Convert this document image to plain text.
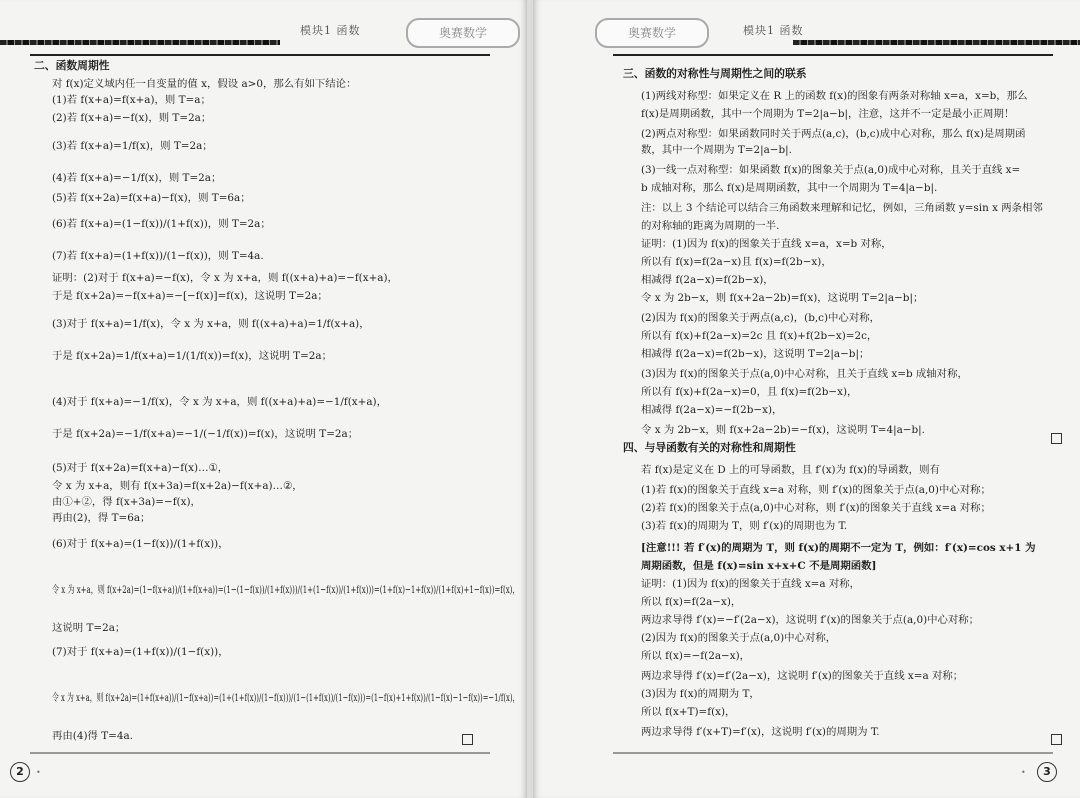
模块1 函数	奥赛数学
二、函数周期性
对 f(x)定义域内任一自变量的值 x，假设 a>0，那么有如下结论：
(1)若 f(x+a)=f(x+a)，则 T=a；
(2)若 f(x+a)=−f(x)，则 T=2a；
(3)若 f(x+a)=1/f(x)，则 T=2a；
(4)若 f(x+a)=−1/f(x)，则 T=2a；
(5)若 f(x+2a)=f(x+a)−f(x)，则 T=6a；
(6)若 f(x+a)=(1−f(x))/(1+f(x))，则 T=2a；
(7)若 f(x+a)=(1+f(x))/(1−f(x))，则 T=4a.
证明：(2)对于 f(x+a)=−f(x)，令 x 为 x+a，则 f((x+a)+a)=−f(x+a)，
于是 f(x+2a)=−f(x+a)=−[−f(x)]=f(x)，这说明 T=2a；
(3)对于 f(x+a)=1/f(x)，令 x 为 x+a，则 f((x+a)+a)=1/f(x+a)，
于是 f(x+2a)=1/f(x+a)=1/(1/f(x))=f(x)，这说明 T=2a；
(4)对于 f(x+a)=−1/f(x)，令 x 为 x+a，则 f((x+a)+a)=−1/f(x+a)，
于是 f(x+2a)=−1/f(x+a)=−1/(−1/f(x))=f(x)，这说明 T=2a；
(5)对于 f(x+2a)=f(x+a)−f(x)…①，
令 x 为 x+a，则有 f(x+3a)=f(x+2a)−f(x+a)…②，
由①+②，得 f(x+3a)=−f(x)，
再由(2)，得 T=6a；
(6)对于 f(x+a)=(1−f(x))/(1+f(x))，
令 x 为 x+a，则 f(x+2a)=(1−f(x+a))/(1+f(x+a))=(1−(1−f(x))/(1+f(x)))/(1+(1−f(x))/(1+f(x)))=(1+f(x)−1+f(x))/(1+f(x)+1−f(x))=f(x)，
这说明 T=2a；
(7)对于 f(x+a)=(1+f(x))/(1−f(x))，
令 x 为 x+a，则 f(x+2a)=(1+f(x+a))/(1−f(x+a))=(1+(1+f(x))/(1−f(x)))/(1−(1+f(x))/(1−f(x)))=(1−f(x)+1+f(x))/(1−f(x)−1−f(x))=−1/f(x)，
再由(4)得 T=4a.
2	•
奥赛数学	模块1 函数
三、函数的对称性与周期性之间的联系
(1)两线对称型：如果定义在 R 上的函数 f(x)的图象有两条对称轴 x=a，x=b，那么
f(x)是周期函数，其中一个周期为 T=2|a−b|，注意，这并不一定是最小正周期！
(2)两点对称型：如果函数同时关于两点(a,c)，(b,c)成中心对称，那么 f(x)是周期函
数，其中一个周期为 T=2|a−b|.
(3)一线一点对称型：如果函数 f(x)的图象关于点(a,0)成中心对称，且关于直线 x=
b 成轴对称，那么 f(x)是周期函数，其中一个周期为 T=4|a−b|.
注：以上 3 个结论可以结合三角函数来理解和记忆，例如，三角函数 y=sin x 两条相邻
的对称轴的距离为周期的一半.
证明：(1)因为 f(x)的图象关于直线 x=a，x=b 对称，
所以有 f(x)=f(2a−x)且 f(x)=f(2b−x)，
相减得 f(2a−x)=f(2b−x)，
令 x 为 2b−x，则 f(x+2a−2b)=f(x)，这说明 T=2|a−b|；
(2)因为 f(x)的图象关于两点(a,c)，(b,c)中心对称，
所以有 f(x)+f(2a−x)=2c 且 f(x)+f(2b−x)=2c，
相减得 f(2a−x)=f(2b−x)，这说明 T=2|a−b|；
(3)因为 f(x)的图象关于点(a,0)中心对称，且关于直线 x=b 成轴对称，
所以有 f(x)+f(2a−x)=0，且 f(x)=f(2b−x)，
相减得 f(2a−x)=−f(2b−x)，
令 x 为 2b−x，则 f(x+2a−2b)=−f(x)，这说明 T=4|a−b|.
四、与导函数有关的对称性和周期性
若 f(x)是定义在 D 上的可导函数，且 f′(x)为 f(x)的导函数，则有
(1)若 f(x)的图象关于直线 x=a 对称，则 f′(x)的图象关于点(a,0)中心对称；
(2)若 f(x)的图象关于点(a,0)中心对称，则 f′(x)的图象关于直线 x=a 对称；
(3)若 f(x)的周期为 T，则 f′(x)的周期也为 T.
[注意!!! 若 f′(x)的周期为 T，则 f(x)的周期不一定为 T，例如：f′(x)=cos x+1 为
周期函数，但是 f(x)=sin x+x+C 不是周期函数]
证明：(1)因为 f(x)的图象关于直线 x=a 对称，
所以 f(x)=f(2a−x)，
两边求导得 f′(x)=−f′(2a−x)，这说明 f′(x)的图象关于点(a,0)中心对称；
(2)因为 f(x)的图象关于点(a,0)中心对称，
所以 f(x)=−f(2a−x)，
两边求导得 f′(x)=f′(2a−x)，这说明 f′(x)的图象关于直线 x=a 对称；
(3)因为 f(x)的周期为 T，
所以 f(x+T)=f(x)，
两边求导得 f′(x+T)=f′(x)，这说明 f′(x)的周期为 T.
•	3
